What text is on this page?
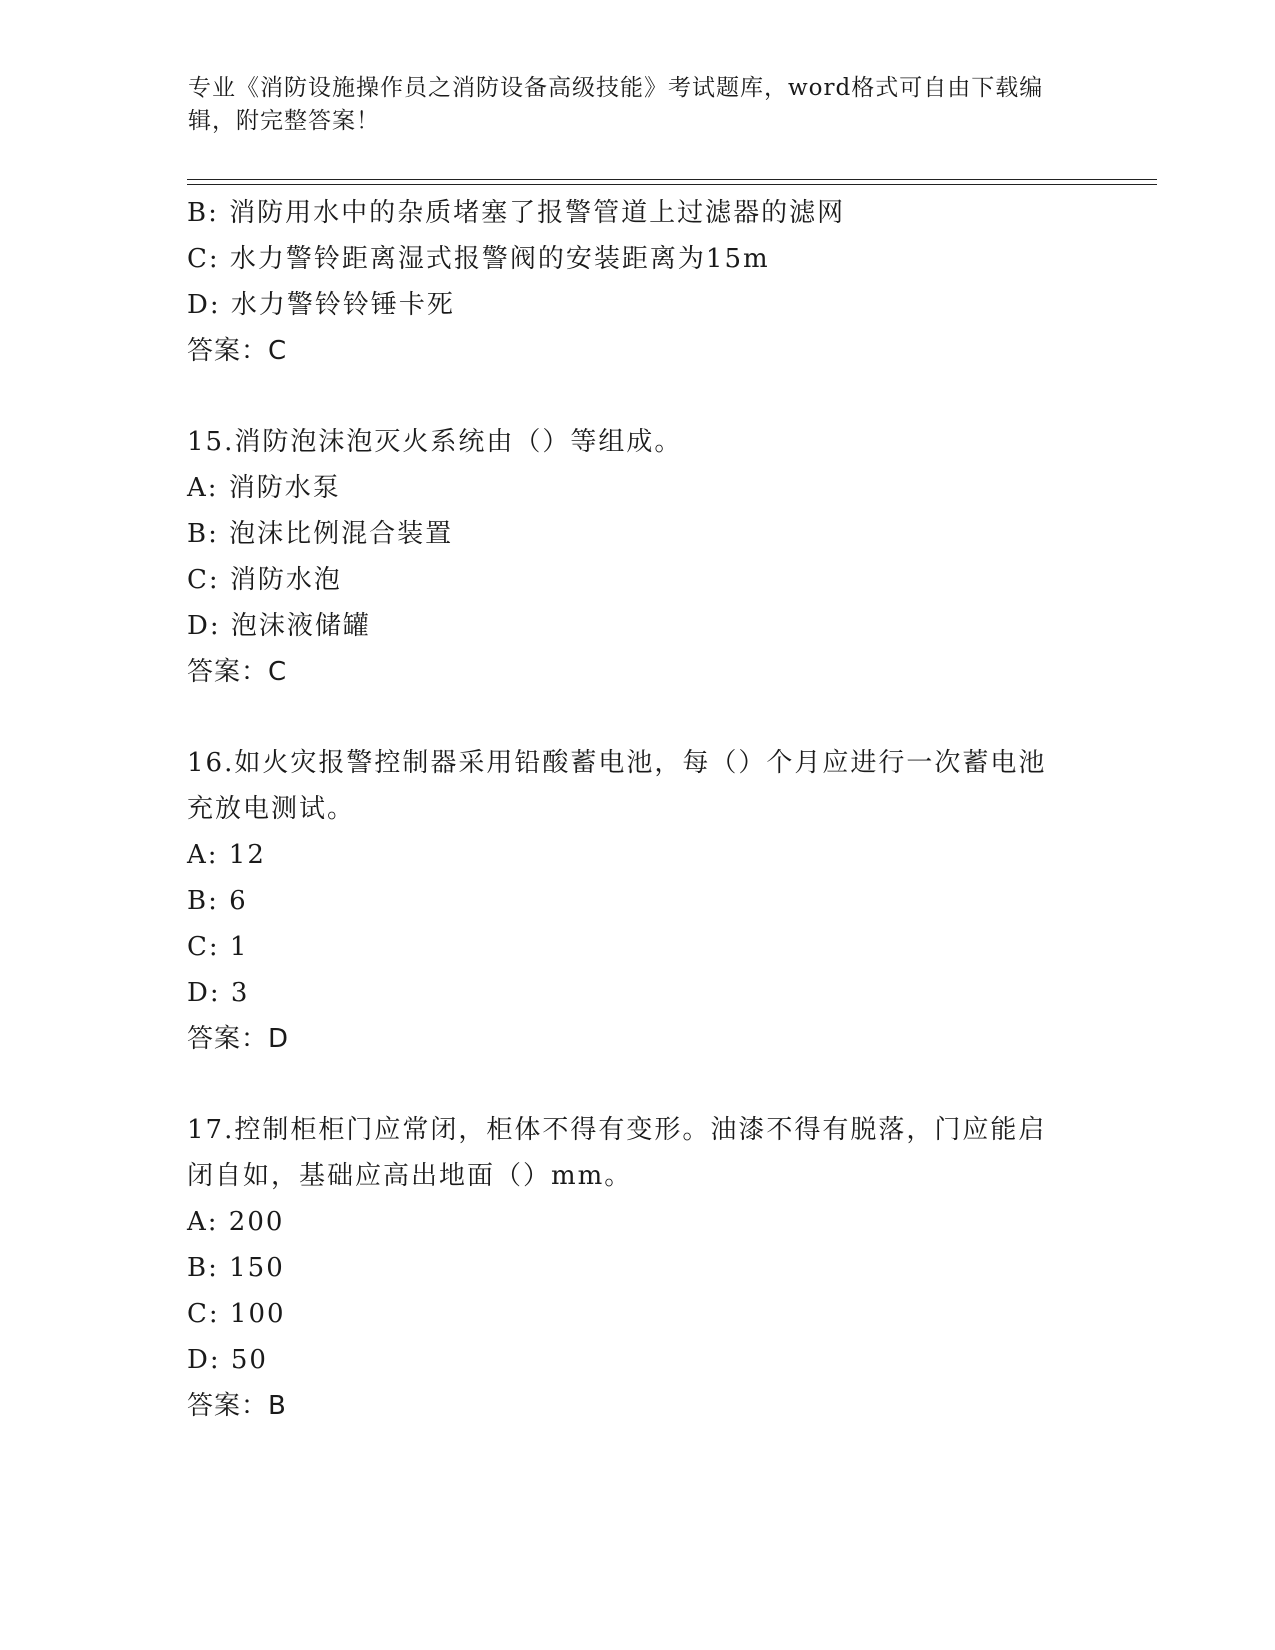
专业《消防设施操作员之消防设备高级技能》考试题库，word格式可自由下载编辑，附完整答案！
B: 消防用水中的杂质堵塞了报警管道上过滤器的滤网
C: 水力警铃距离湿式报警阀的安装距离为15m
D: 水力警铃铃锤卡死
答案：C
15.消防泡沫泡灭火系统由（）等组成。
A: 消防水泵
B: 泡沫比例混合装置
C: 消防水泡
D: 泡沫液储罐
答案：C
16.如火灾报警控制器采用铅酸蓄电池，每（）个月应进行一次蓄电池充放电测试。
A: 12
B: 6
C: 1
D: 3
答案：D
17.控制柜柜门应常闭，柜体不得有变形。油漆不得有脱落，门应能启闭自如，基础应高出地面（）mm。
A: 200
B: 150
C: 100
D: 50
答案：B
